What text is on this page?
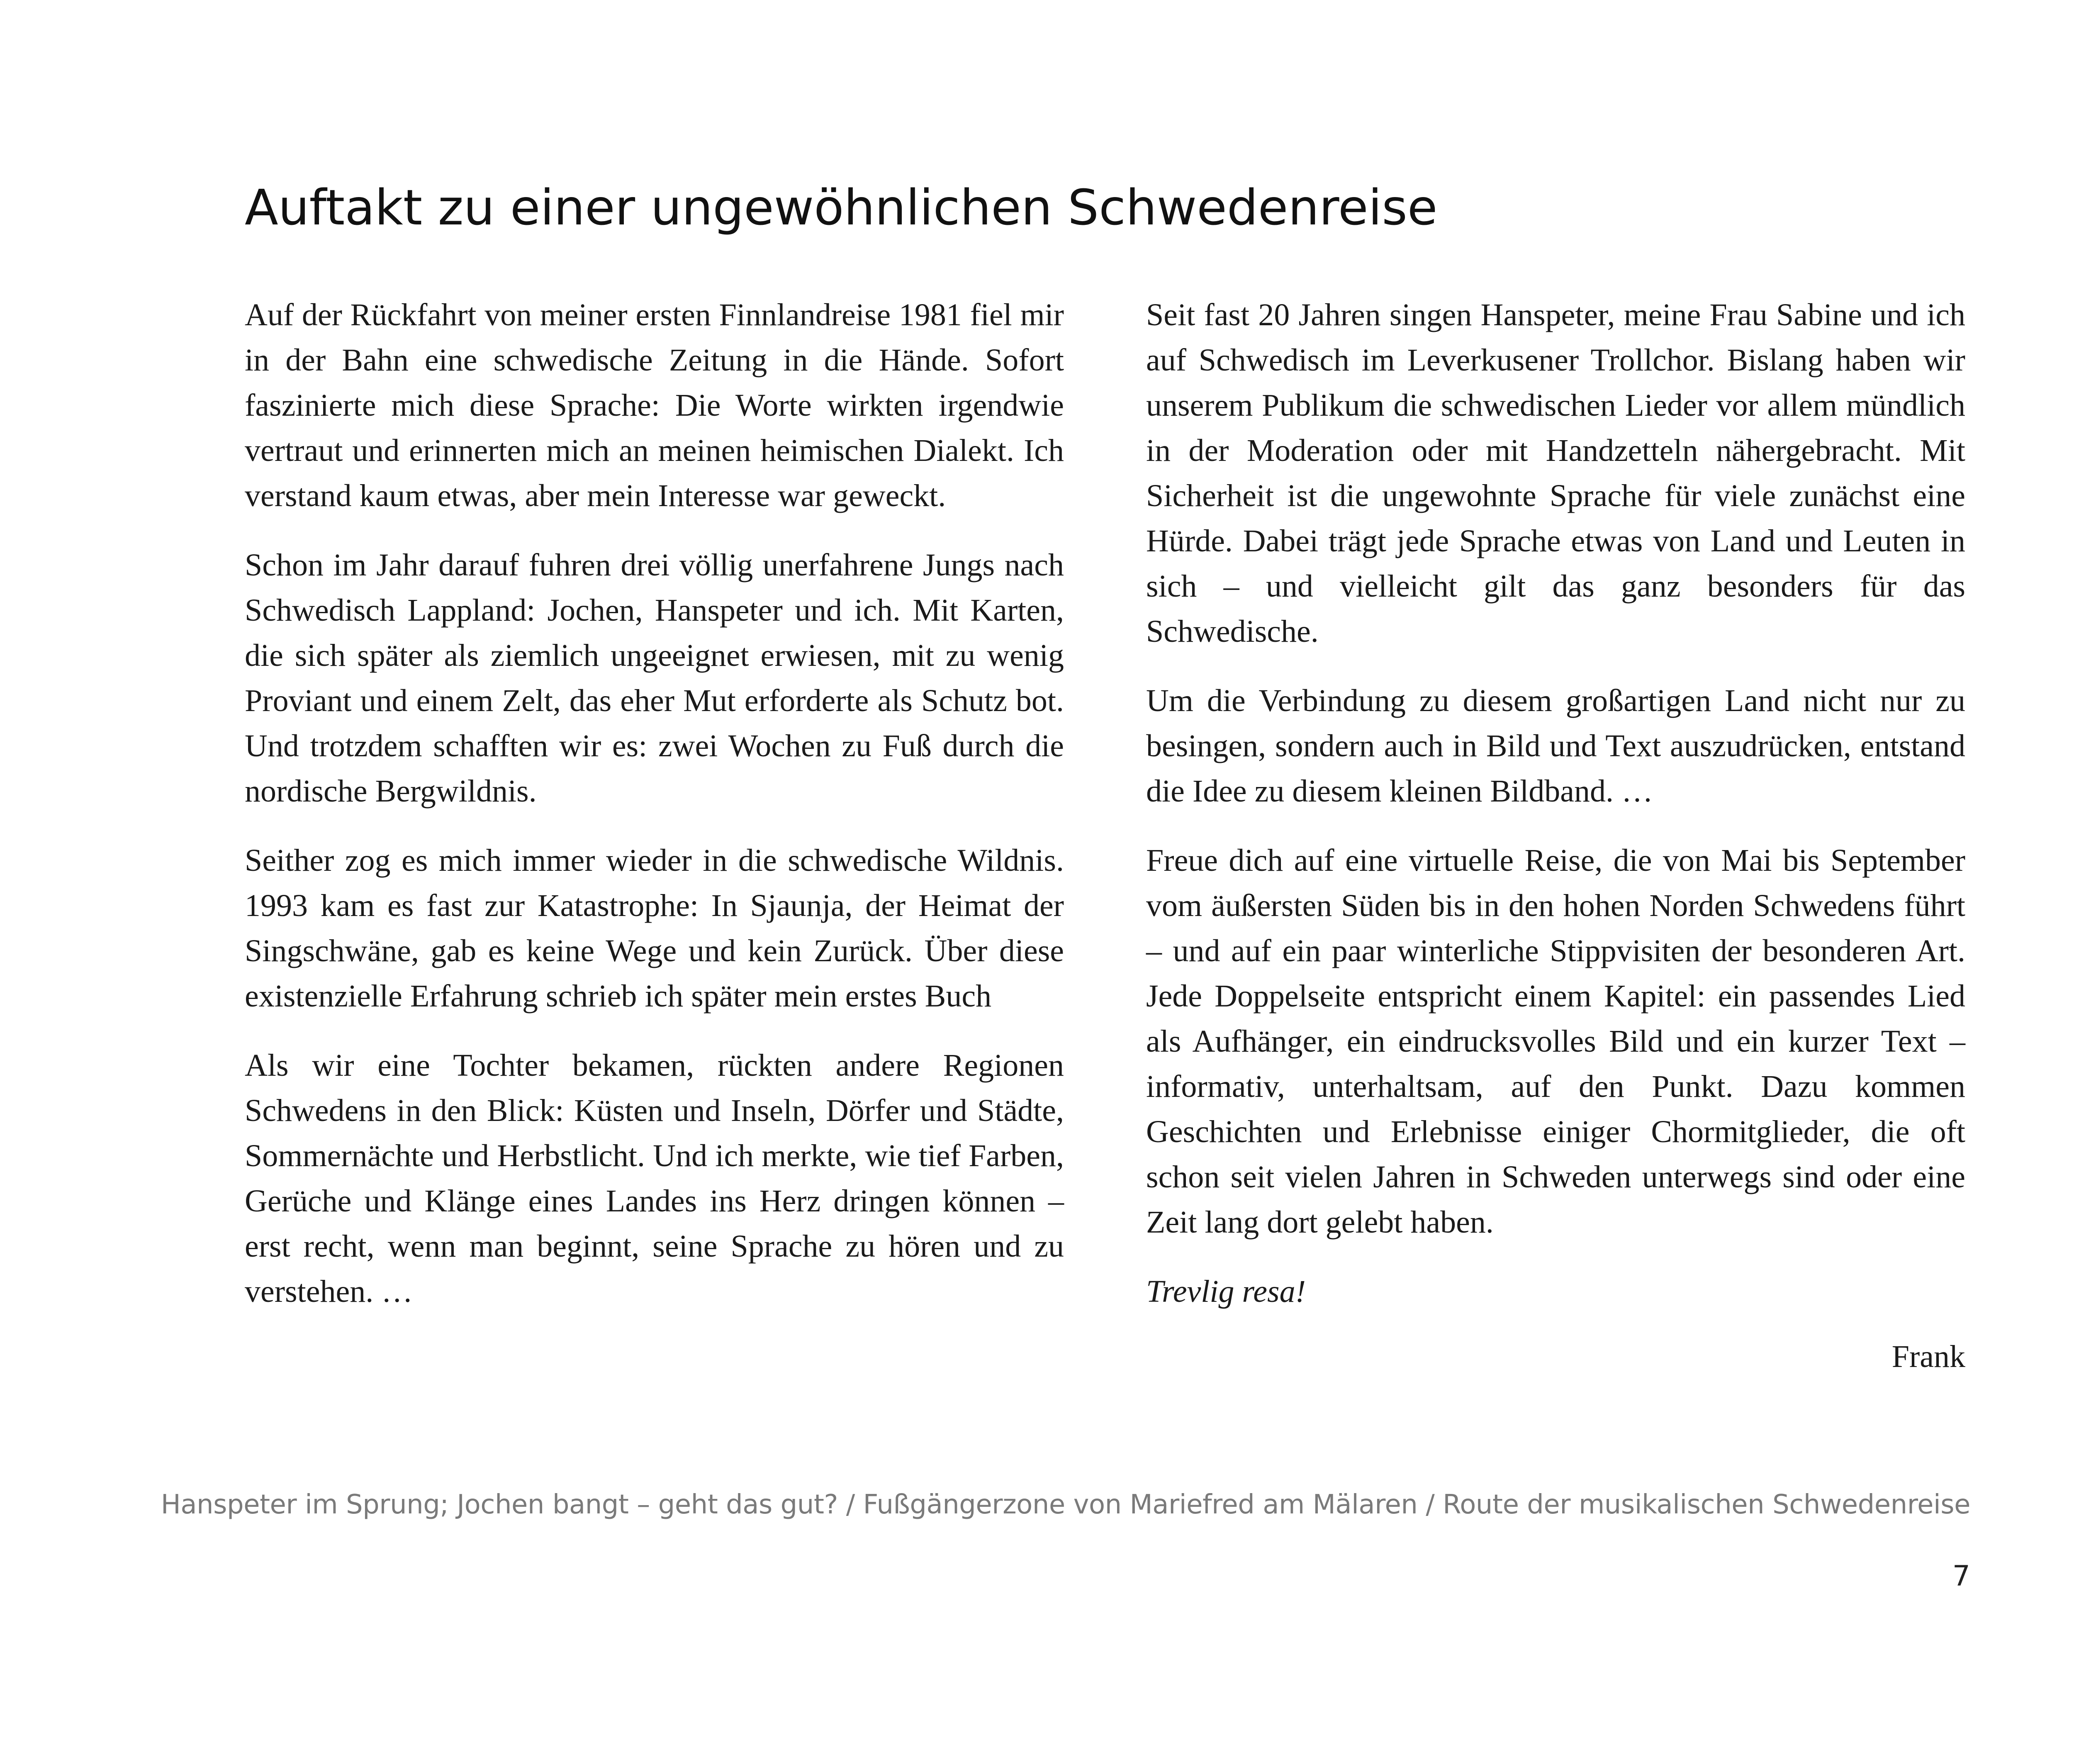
Auftakt zu einer ungewöhnlichen Schwedenreise

Auf der Rückfahrt von meiner ersten Finnlandreise 1981 fiel mir in der Bahn eine schwedische Zeitung in die Hände. Sofort faszinierte mich diese Sprache: Die Worte wirkten irgendwie vertraut und erinnerten mich an meinen heimischen Dialekt. Ich verstand kaum etwas, aber mein Interesse war geweckt.

Schon im Jahr darauf fuhren drei völlig unerfahrene Jungs nach Schwedisch Lappland: Jochen, Hanspeter und ich. Mit Karten, die sich später als ziemlich ungeeignet erwiesen, mit zu wenig Proviant und einem Zelt, das eher Mut erforderte als Schutz bot. Und trotzdem schafften wir es: zwei Wochen zu Fuß durch die nordische Bergwildnis.

Seither zog es mich immer wieder in die schwedische Wildnis. 1993 kam es fast zur Katastrophe: In Sjaunja, der Heimat der Singschwäne, gab es keine Wege und kein Zurück. Über diese existenzielle Erfahrung schrieb ich später mein erstes Buch

Als wir eine Tochter bekamen, rückten andere Regionen Schwedens in den Blick: Küsten und Inseln, Dörfer und Städte, Sommernächte und Herbstlicht. Und ich merkte, wie tief Farben, Gerüche und Klänge eines Landes ins Herz dringen können – erst recht, wenn man beginnt, seine Sprache zu hören und zu verstehen. …

Seit fast 20 Jahren singen Hanspeter, meine Frau Sabine und ich auf Schwedisch im Leverkusener Trollchor. Bislang haben wir unserem Publikum die schwedischen Lieder vor allem mündlich in der Moderation oder mit Handzetteln nähergebracht. Mit Sicherheit ist die ungewohnte Sprache für viele zunächst eine Hürde. Dabei trägt jede Sprache etwas von Land und Leuten in sich – und vielleicht gilt das ganz besonders für das Schwedische.

Um die Verbindung zu diesem großartigen Land nicht nur zu besingen, sondern auch in Bild und Text auszudrücken, entstand die Idee zu diesem kleinen Bildband. …

Freue dich auf eine virtuelle Reise, die von Mai bis September vom äußersten Süden bis in den hohen Norden Schwedens führt – und auf ein paar winterliche Stippvisiten der besonderen Art. Jede Doppelseite entspricht einem Kapitel: ein passendes Lied als Aufhänger, ein eindrucksvolles Bild und ein kurzer Text – informativ, unterhaltsam, auf den Punkt. Dazu kommen Geschichten und Erlebnisse einiger Chormitglieder, die oft schon seit vielen Jahren in Schweden unterwegs sind oder eine Zeit lang dort gelebt haben.

Trevlig resa!

Frank

Hanspeter im Sprung; Jochen bangt – geht das gut? / Fußgängerzone von Mariefred am Mälaren / Route der musikalischen Schwedenreise
7
